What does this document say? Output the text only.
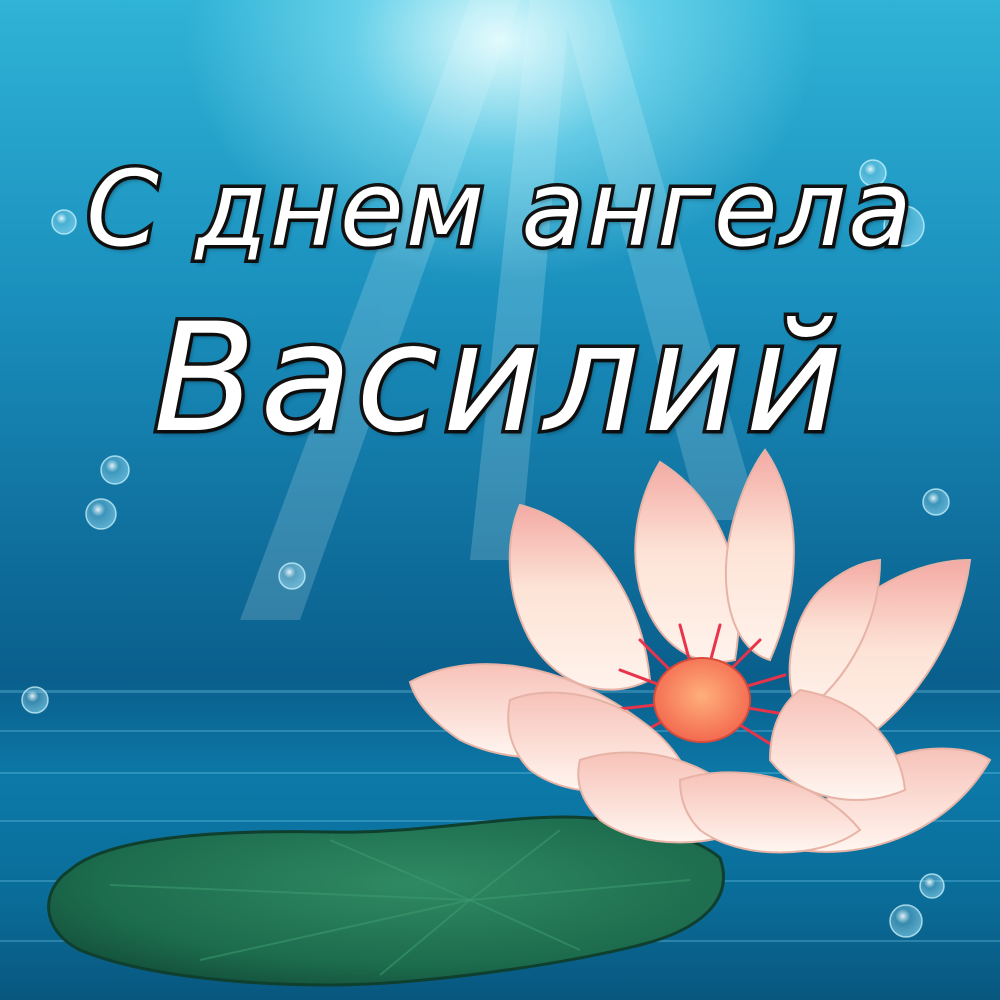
С днем ангела
Василий
